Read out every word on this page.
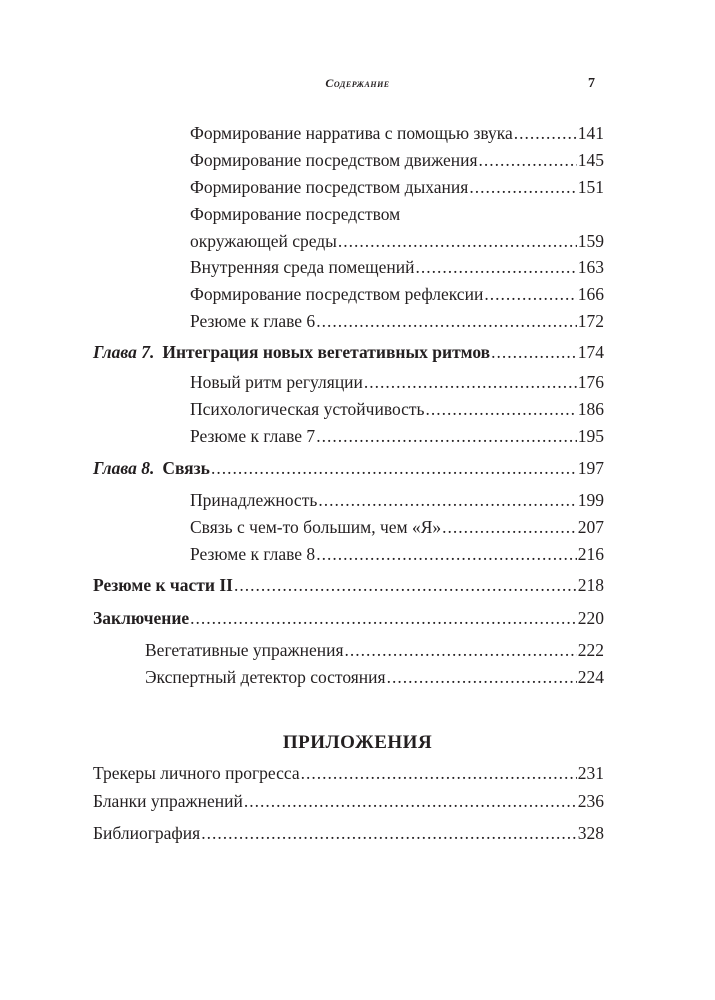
Содержание	7
Формирование нарратива с помощью звука .....	141
Формирование посредством движения .....	145
Формирование посредством дыхания .....	151
Формирование посредством
окружающей среды .....	159
Внутренняя среда помещений .....	163
Формирование посредством рефлексии .....	166
Резюме к главе 6 .....	172
Глава 7. Интеграция новых вегетативных ритмов .....	174
Новый ритм регуляции .....	176
Психологическая устойчивость .....	186
Резюме к главе 7 .....	195
Глава 8. Связь .....	197
Принадлежность .....	199
Связь с чем-то большим, чем «Я» .....	207
Резюме к главе 8 .....	216
Резюме к части II .....	218
Заключение .....	220
Вегетативные упражнения .....	222
Экспертный детектор состояния .....	224
ПРИЛОЖЕНИЯ
Трекеры личного прогресса .....	231
Бланки упражнений .....	236
Библиография .....	328
